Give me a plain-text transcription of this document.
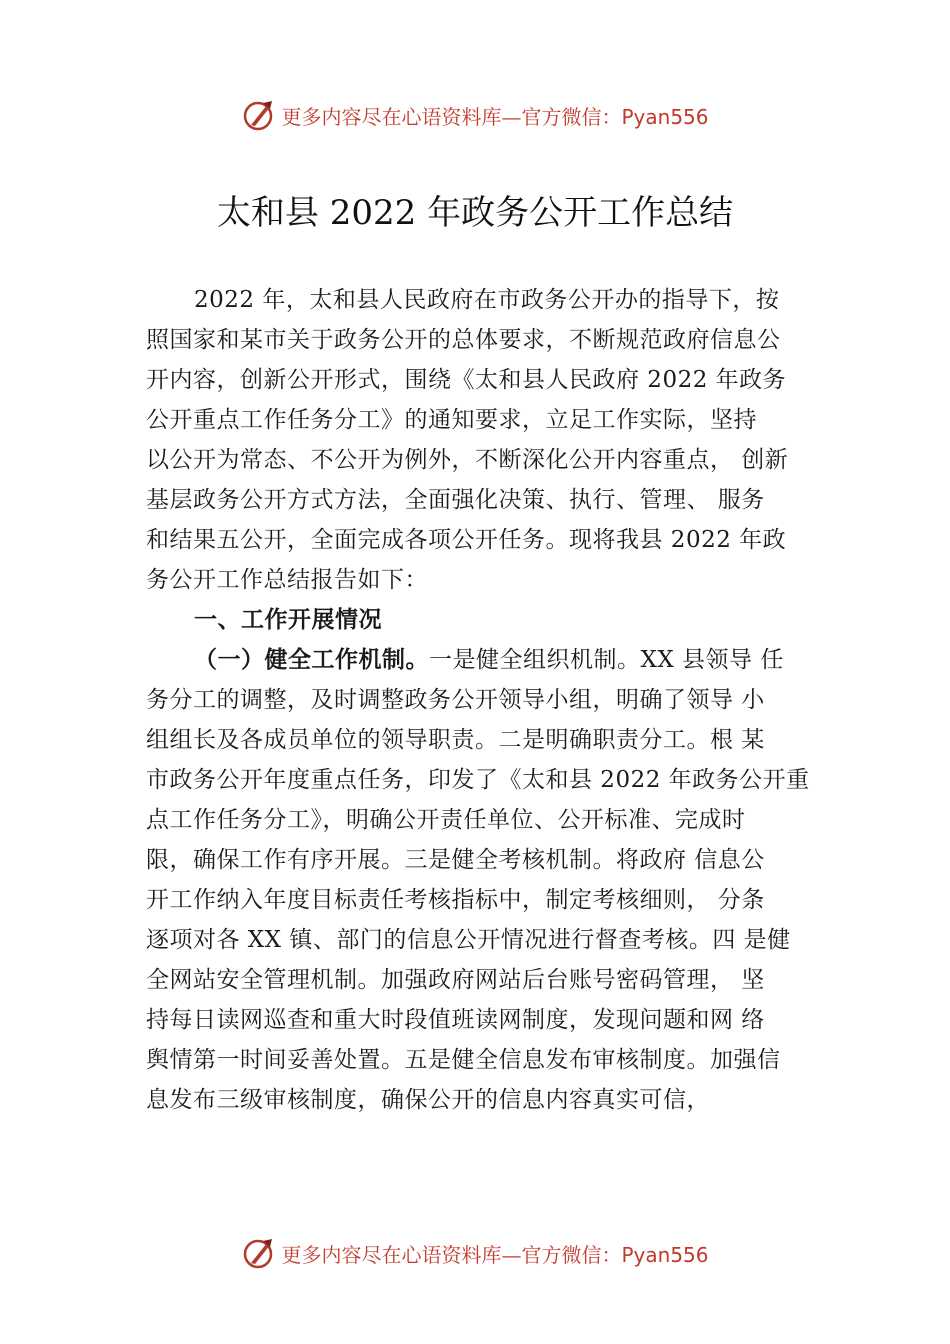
更多内容尽在心语资料库—官方微信：Pyan556
太和县 2022 年政务公开工作总结
2022 年，太和县人民政府在市政务公开办的指导下，按
照国家和某市关于政务公开的总体要求，不断规范政府信息公
开内容，创新公开形式，围绕《太和县人民政府 2022 年政务
公开重点工作任务分工》的通知要求，立足工作实际，坚持
以公开为常态、不公开为例外，不断深化公开内容重点， 创新
基层政务公开方式方法，全面强化决策、执行、管理、 服务
和结果五公开，全面完成各项公开任务。现将我县 2022 年政
务公开工作总结报告如下：
一、工作开展情况
（一）健全工作机制。一是健全组织机制。XX 县领导 任
务分工的调整，及时调整政务公开领导小组，明确了领导 小
组组长及各成员单位的领导职责。二是明确职责分工。根 某
市政务公开年度重点任务，印发了《太和县 2022 年政务公开重
点工作任务分工》，明确公开责任单位、公开标准、完成时
限，确保工作有序开展。三是健全考核机制。将政府 信息公
开工作纳入年度目标责任考核指标中，制定考核细则， 分条
逐项对各 XX 镇、部门的信息公开情况进行督查考核。四 是健
全网站安全管理机制。加强政府网站后台账号密码管理， 坚
持每日读网巡查和重大时段值班读网制度，发现问题和网 络
舆情第一时间妥善处置。五是健全信息发布审核制度。加强信
息发布三级审核制度，确保公开的信息内容真实可信，
更多内容尽在心语资料库—官方微信：Pyan556
